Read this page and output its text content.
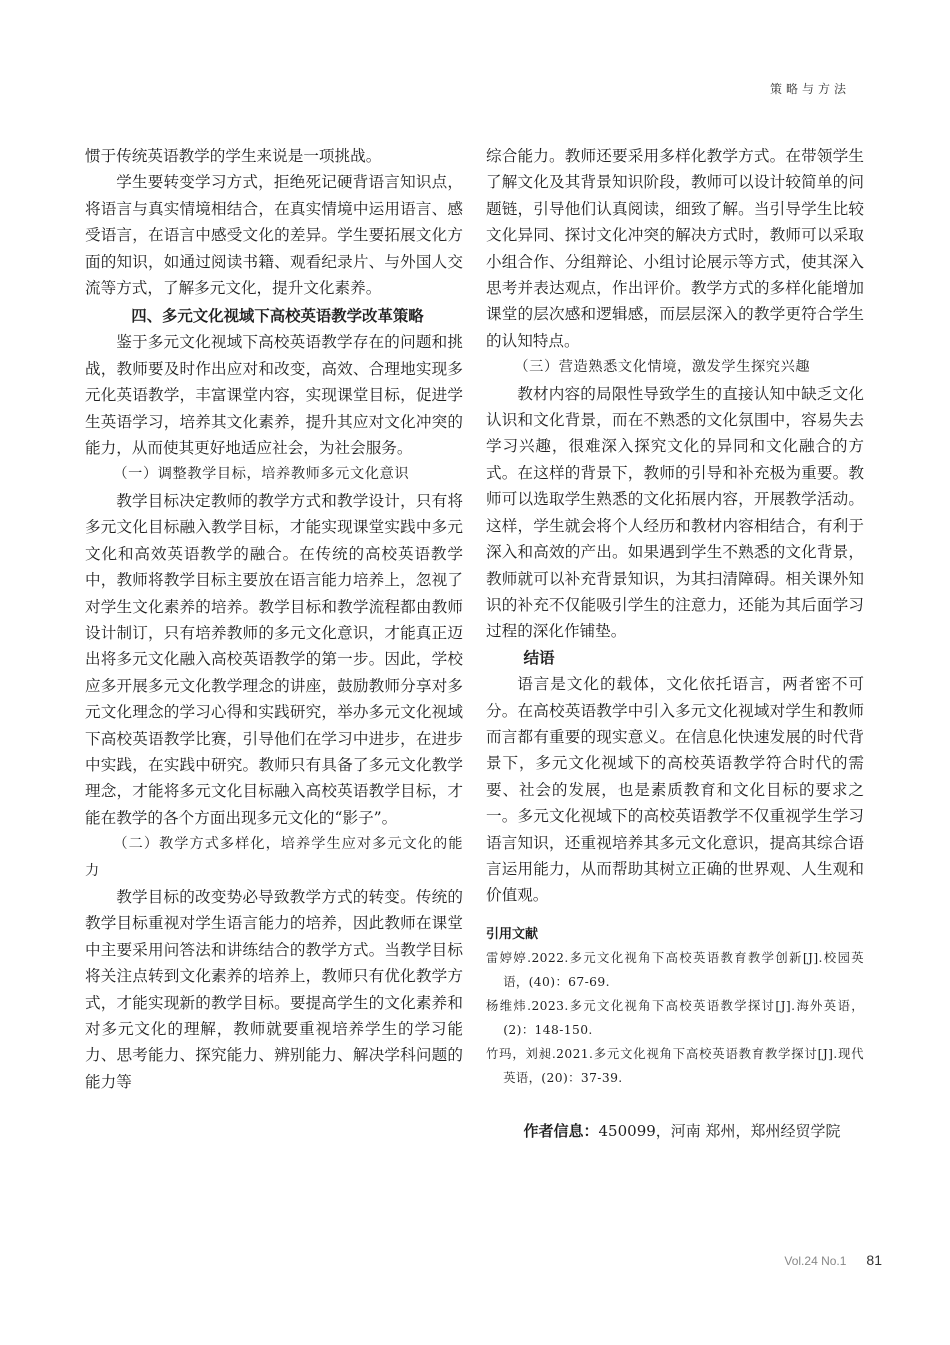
策略与方法

惯于传统英语教学的学生来说是一项挑战。

学生要转变学习方式，拒绝死记硬背语言知识点，将语言与真实情境相结合，在真实情境中运用语言、感受语言，在语言中感受文化的差异。学生要拓展文化方面的知识，如通过阅读书籍、观看纪录片、与外国人交流等方式，了解多元文化，提升文化素养。

四、多元文化视域下高校英语教学改革策略

鉴于多元文化视域下高校英语教学存在的问题和挑战，教师要及时作出应对和改变，高效、合理地实现多元化英语教学，丰富课堂内容，实现课堂目标，促进学生英语学习，培养其文化素养，提升其应对文化冲突的能力，从而使其更好地适应社会，为社会服务。

（一）调整教学目标，培养教师多元文化意识

教学目标决定教师的教学方式和教学设计，只有将多元文化目标融入教学目标，才能实现课堂实践中多元文化和高效英语教学的融合。在传统的高校英语教学中，教师将教学目标主要放在语言能力培养上，忽视了对学生文化素养的培养。教学目标和教学流程都由教师设计制订，只有培养教师的多元文化意识，才能真正迈出将多元文化融入高校英语教学的第一步。因此，学校应多开展多元文化教学理念的讲座，鼓励教师分享对多元文化理念的学习心得和实践研究，举办多元文化视域下高校英语教学比赛，引导他们在学习中进步，在进步中实践，在实践中研究。教师只有具备了多元文化教学理念，才能将多元文化目标融入高校英语教学目标，才能在教学的各个方面出现多元文化的“影子”。

（二）教学方式多样化，培养学生应对多元文化的能力

教学目标的改变势必导致教学方式的转变。传统的教学目标重视对学生语言能力的培养，因此教师在课堂中主要采用问答法和讲练结合的教学方式。当教学目标将关注点转到文化素养的培养上，教师只有优化教学方式，才能实现新的教学目标。要提高学生的文化素养和对多元文化的理解，教师就要重视培养学生的学习能力、思考能力、探究能力、辨别能力、解决学科问题的能力等

综合能力。教师还要采用多样化教学方式。在带领学生了解文化及其背景知识阶段，教师可以设计较简单的问题链，引导他们认真阅读，细致了解。当引导学生比较文化异同、探讨文化冲突的解决方式时，教师可以采取小组合作、分组辩论、小组讨论展示等方式，使其深入思考并表达观点，作出评价。教学方式的多样化能增加课堂的层次感和逻辑感，而层层深入的教学更符合学生的认知特点。

（三）营造熟悉文化情境，激发学生探究兴趣

教材内容的局限性导致学生的直接认知中缺乏文化认识和文化背景，而在不熟悉的文化氛围中，容易失去学习兴趣，很难深入探究文化的异同和文化融合的方式。在这样的背景下，教师的引导和补充极为重要。教师可以选取学生熟悉的文化拓展内容，开展教学活动。这样，学生就会将个人经历和教材内容相结合，有利于深入和高效的产出。如果遇到学生不熟悉的文化背景，教师就可以补充背景知识，为其扫清障碍。相关课外知识的补充不仅能吸引学生的注意力，还能为其后面学习过程的深化作铺垫。

结语

语言是文化的载体，文化依托语言，两者密不可分。在高校英语教学中引入多元文化视域对学生和教师而言都有重要的现实意义。在信息化快速发展的时代背景下，多元文化视域下的高校英语教学符合时代的需要、社会的发展，也是素质教育和文化目标的要求之一。多元文化视域下的高校英语教学不仅重视学生学习语言知识，还重视培养其多元文化意识，提高其综合语言运用能力，从而帮助其树立正确的世界观、人生观和价值观。

引用文献

雷婷婷.2022.多元文化视角下高校英语教育教学创新[J].校园英语，(40)：67-69.

杨维炜.2023.多元文化视角下高校英语教学探讨[J].海外英语，(2)：148-150.

竹玛，刘昶.2021.多元文化视角下高校英语教育教学探讨[J].现代英语，(20)：37-39.

作者信息：450099，河南 郑州，郑州经贸学院

Vol.24 No.1 81
